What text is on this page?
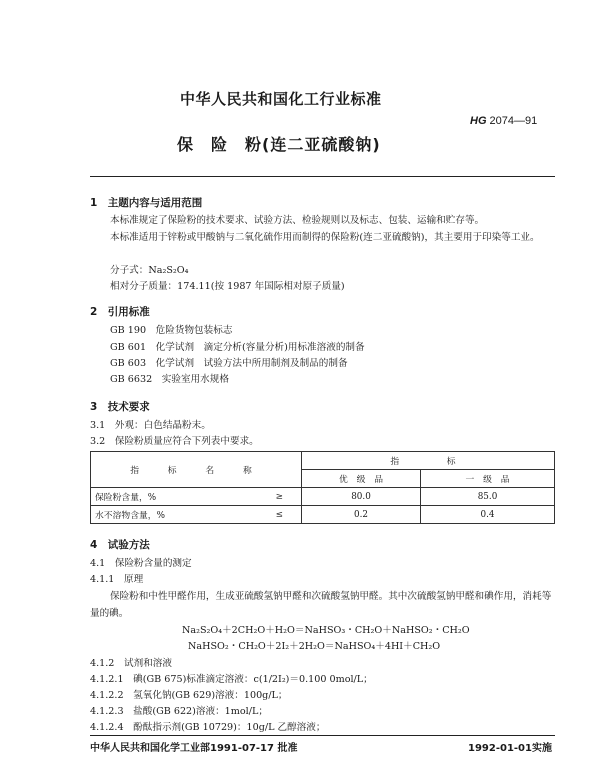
中华人民共和国化工行业标准
HG 2074—91
保　险　粉(连二亚硫酸钠)
1　主题内容与适用范围
本标准规定了保险粉的技术要求、试验方法、检验规则以及标志、包装、运输和贮存等。
本标准适用于锌粉或甲酸钠与二氧化硫作用而制得的保险粉(连二亚硫酸钠)，其主要用于印染等工业。
分子式：Na₂S₂O₄
相对分子质量：174.11(按 1987 年国际相对原子质量)
2　引用标准
GB 190　危险货物包装标志
GB 601　化学试剂　滴定分析(容量分析)用标准溶液的制备
GB 603　化学试剂　试验方法中所用制剂及制品的制备
GB 6632　实验室用水规格
3　技术要求
3.1　外观：白色结晶粉末。
3.2　保险粉质量应符合下列表中要求。
指　标　名　称		指　　标	
		优　级　品	一　级　品
保险粉含量，%	≥	80.0	85.0
水不溶物含量，%	≤	0.2	0.4
4　试验方法
4.1　保险粉含量的测定
4.1.1　原理
保险粉和中性甲醛作用，生成亚硫酸氢钠甲醛和次硫酸氢钠甲醛。其中次硫酸氢钠甲醛和碘作用，消耗等量的碘。
Na₂S₂O₄＋2CH₂O＋H₂O＝NaHSO₃・CH₂O＋NaHSO₂・CH₂O
NaHSO₂・CH₂O＋2I₂＋2H₂O＝NaHSO₄＋4HI＋CH₂O
4.1.2　试剂和溶液
4.1.2.1　碘(GB 675)标准滴定溶液：c(1/2I₂)＝0.100 0mol/L；
4.1.2.2　氢氧化钠(GB 629)溶液：100g/L；
4.1.2.3　盐酸(GB 622)溶液：1mol/L；
4.1.2.4　酚酞指示剂(GB 10729)：10g/L 乙醇溶液；
中华人民共和国化学工业部1991-07-17 批准	1992-01-01实施
